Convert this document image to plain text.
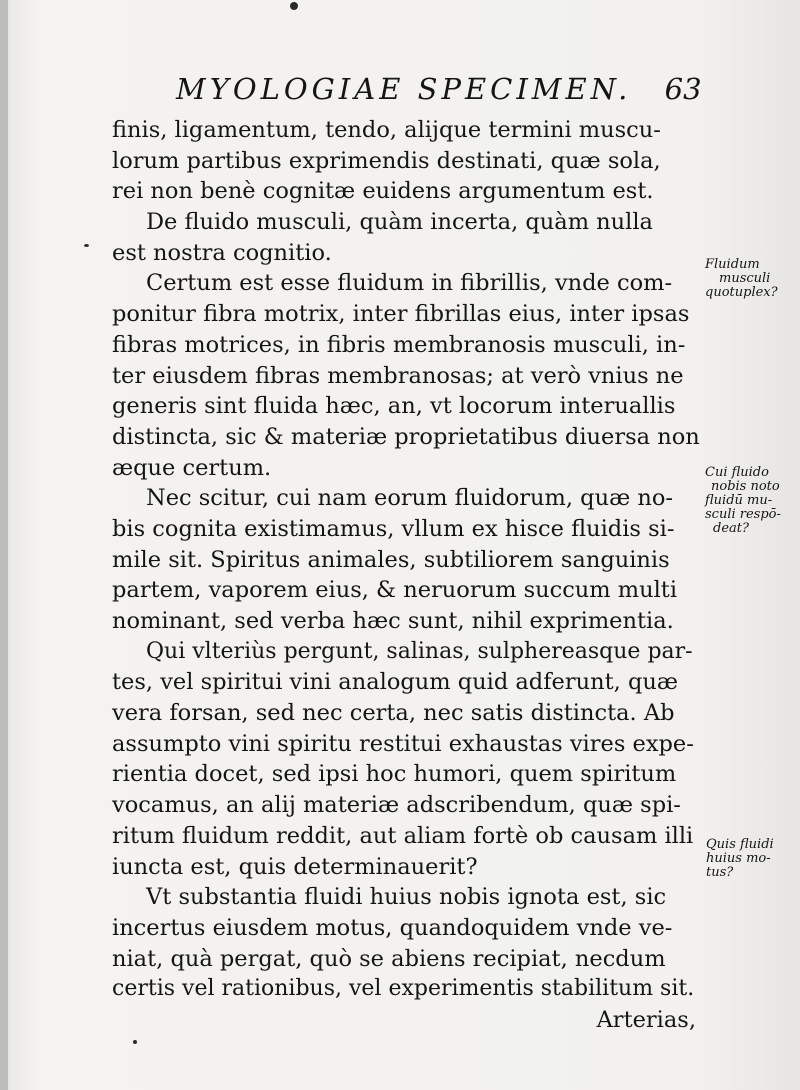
MYOLOGIAE SPECIMEN. 63
finis, ligamentum, tendo, alijque termini muscu-
lorum partibus exprimendis destinati, quæ sola,
rei non benè cognitæ euidens argumentum est.
De fluido musculi, quàm incerta, quàm nulla
est nostra cognitio.
Certum est esse fluidum in fibrillis, vnde com-
ponitur fibra motrix, inter fibrillas eius, inter ipsas
fibras motrices, in fibris membranosis musculi, in-
ter eiusdem fibras membranosas; at verò vnius ne
generis sint fluida hæc, an, vt locorum interuallis
distincta, sic & materiæ proprietatibus diuersa non
æque certum.
Nec scitur, cui nam eorum fluidorum, quæ no-
bis cognita existimamus, vllum ex hisce fluidis si-
mile sit. Spiritus animales, subtiliorem sanguinis
partem, vaporem eius, & neruorum succum multi
nominant, sed verba hæc sunt, nihil exprimentia.
Qui vlteriùs pergunt, salinas, sulphereasque par-
tes, vel spiritui vini analogum quid adferunt, quæ
vera forsan, sed nec certa, nec satis distincta. Ab
assumpto vini spiritu restitui exhaustas vires expe-
rientia docet, sed ipsi hoc humori, quem spiritum
vocamus, an alij materiæ adscribendum, quæ spi-
ritum fluidum reddit, aut aliam fortè ob causam illi
iuncta est, quis determinauerit?
Vt substantia fluidi huius nobis ignota est, sic
incertus eiusdem motus, quandoquidem vnde ve-
niat, quà pergat, quò se abiens recipiat, necdum
certis vel rationibus, vel experimentis stabilitum sit.
Arterias,
Fluidum
musculi
quotuplex?
Cui fluido
nobis noto
fluidū mu-
sculi respō-
deat?
Quis fluidi
huius mo-
tus?
